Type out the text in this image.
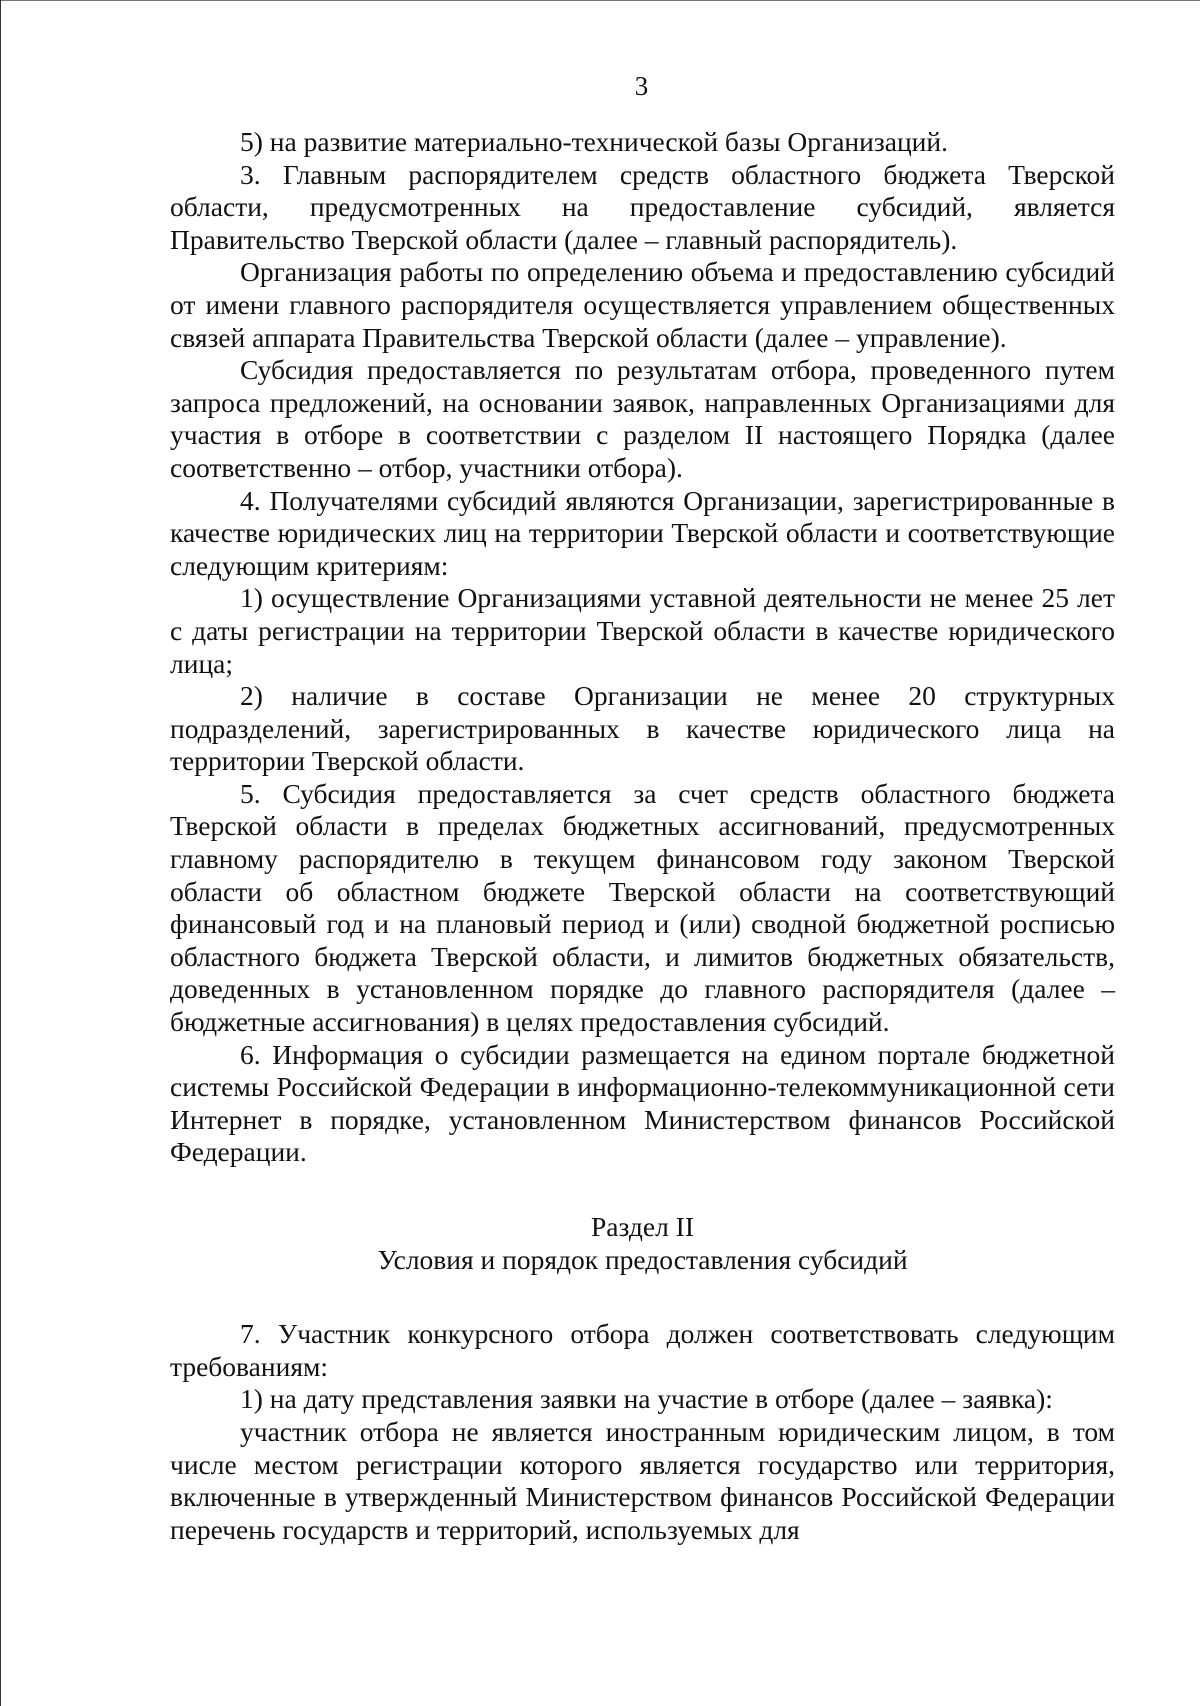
3

5) на развитие материально-технической базы Организаций.

3. Главным распорядителем средств областного бюджета Тверской области, предусмотренных на предоставление субсидий, является Правительство Тверской области (далее – главный распорядитель).

Организация работы по определению объема и предоставлению субсидий от имени главного распорядителя осуществляется управлением общественных связей аппарата Правительства Тверской области (далее – управление).

Субсидия предоставляется по результатам отбора, проведенного путем запроса предложений, на основании заявок, направленных Организациями для участия в отборе в соответствии с разделом II настоящего Порядка (далее соответственно – отбор, участники отбора).

4. Получателями субсидий являются Организации, зарегистрированные в качестве юридических лиц на территории Тверской области и соответствующие следующим критериям:

1) осуществление Организациями уставной деятельности не менее 25 лет с даты регистрации на территории Тверской области в качестве юридического лица;

2) наличие в составе Организации не менее 20 структурных подразделений, зарегистрированных в качестве юридического лица на территории Тверской области.

5. Субсидия предоставляется за счет средств областного бюджета Тверской области в пределах бюджетных ассигнований, предусмотренных главному распорядителю в текущем финансовом году законом Тверской области об областном бюджете Тверской области на соответствующий финансовый год и на плановый период и (или) сводной бюджетной росписью областного бюджета Тверской области, и лимитов бюджетных обязательств, доведенных в установленном порядке до главного распорядителя (далее – бюджетные ассигнования) в целях предоставления субсидий.

6. Информация о субсидии размещается на едином портале бюджетной системы Российской Федерации в информационно-телекоммуникационной сети Интернет в порядке, установленном Министерством финансов Российской Федерации.

Раздел II

Условия и порядок предоставления субсидий

7. Участник конкурсного отбора должен соответствовать следующим требованиям:

1) на дату представления заявки на участие в отборе (далее – заявка):

участник отбора не является иностранным юридическим лицом, в том числе местом регистрации которого является государство или территория, включенные в утвержденный Министерством финансов Российской Федерации перечень государств и территорий, используемых для
